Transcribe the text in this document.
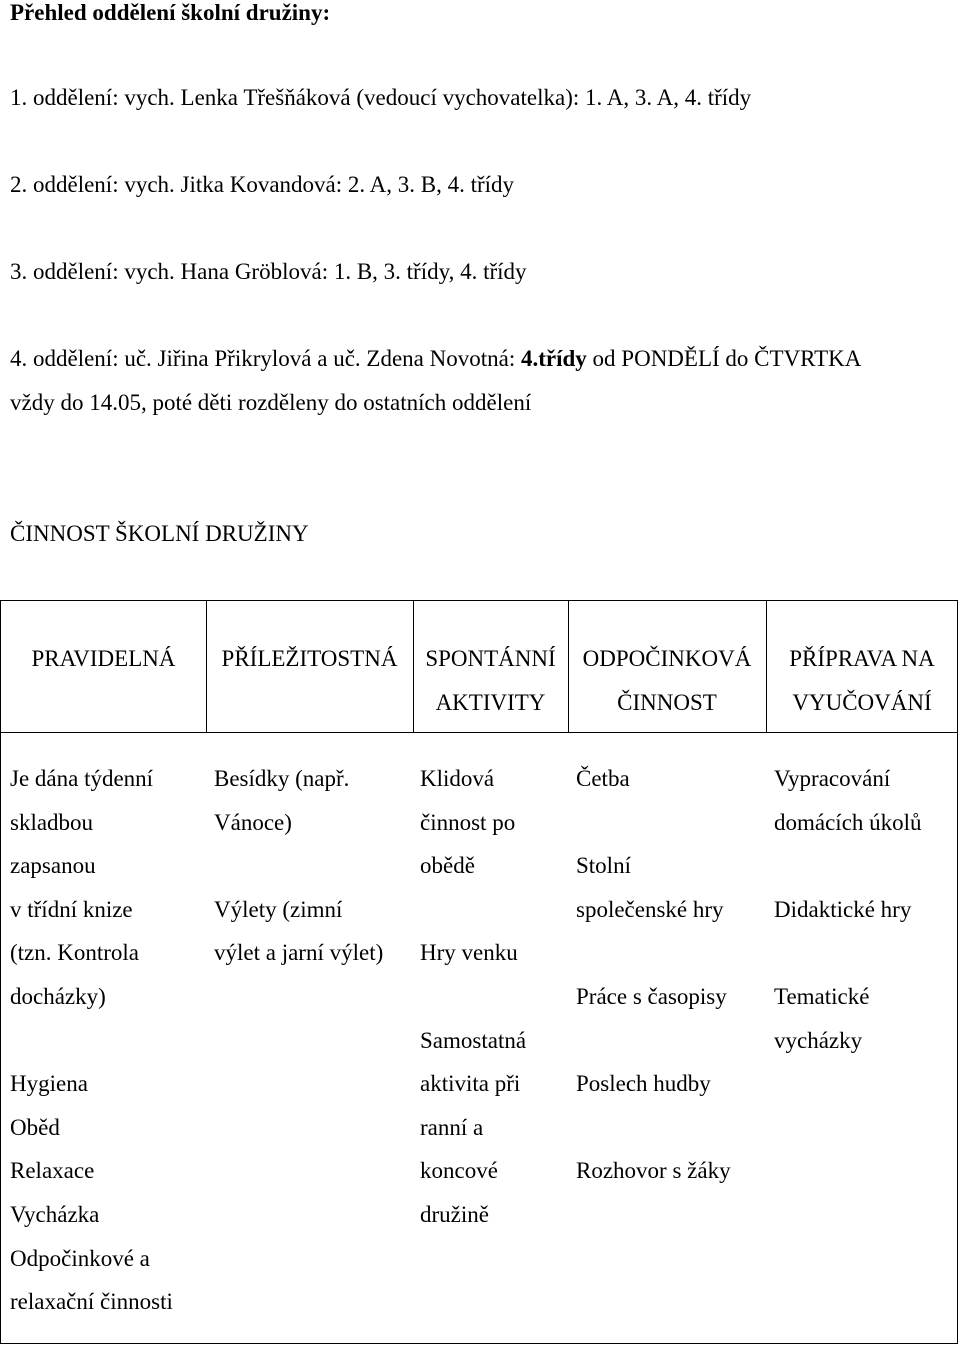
Přehled oddělení školní družiny:
1. oddělení: vych. Lenka Třešňáková (vedoucí vychovatelka): 1. A, 3. A, 4. třídy
2. oddělení: vych. Jitka Kovandová: 2. A, 3. B, 4. třídy
3. oddělení: vych. Hana Gröblová: 1. B, 3. třídy, 4. třídy
4. oddělení: uč. Jiřina Přikrylová a uč. Zdena Novotná: 4.třídy od PONDĚLÍ do ČTVRTKA
vždy do 14.05, poté děti rozděleny do ostatních oddělení
ČINNOST ŠKOLNÍ DRUŽINY
PRAVIDELNÁ	PŘÍLEŽITOSTNÁ	SPONTÁNNÍ
AKTIVITY
ODPOČINKOVÁ
ČINNOST
PŘÍPRAVA NA
VYUČOVÁNÍ
Je dána týdenní
skladbou
zapsanou
v třídní knize
(tzn. Kontrola
docházky)
Hygiena
Oběd
Relaxace
Vycházka
Odpočinkové a
relaxační činnosti
Besídky (např.
Vánoce)
Výlety (zimní
výlet a jarní výlet)
Klidová
činnost po
obědě
Hry venku
Samostatná
aktivita při
ranní a
koncové
družině
Četba
Stolní
společenské hry
Práce s časopisy
Poslech hudby
Rozhovor s žáky
Vypracování
domácích úkolů
Didaktické hry
Tematické
vycházky
